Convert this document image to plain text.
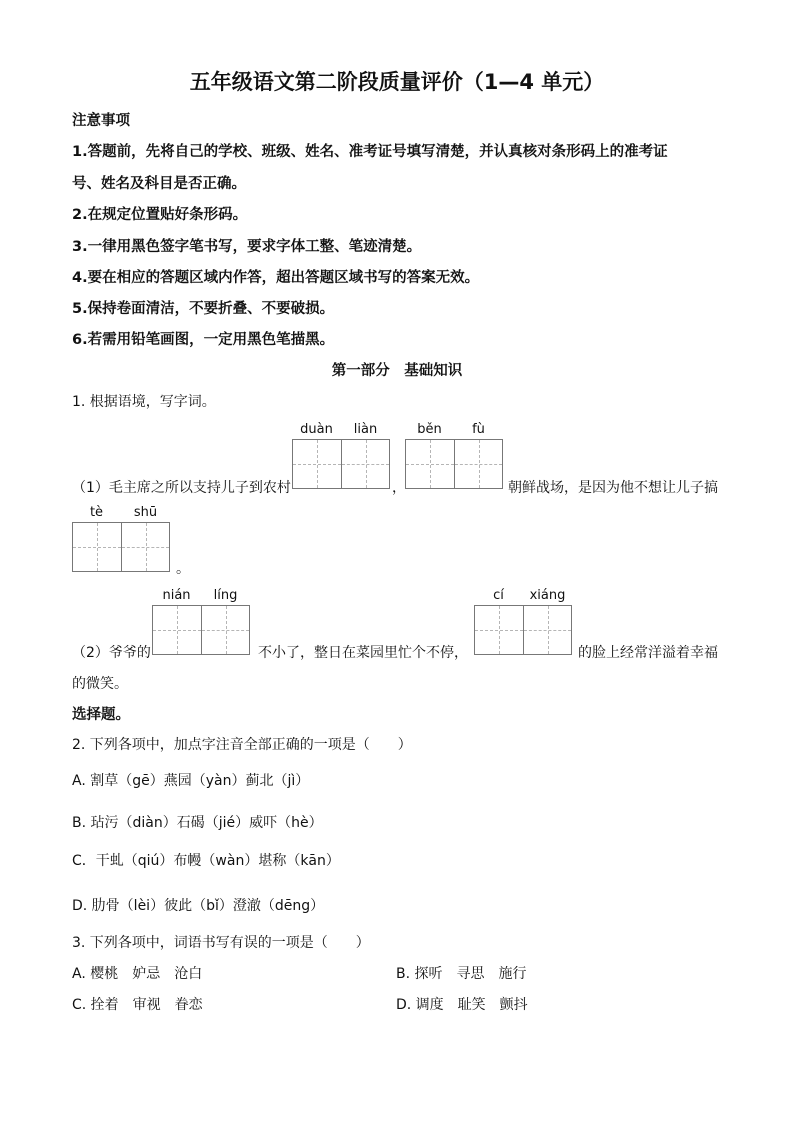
五年级语文第二阶段质量评价（1—4 单元）
注意事项
1.答题前，先将自己的学校、班级、姓名、准考证号填写清楚，并认真核对条形码上的准考证
号、姓名及科目是否正确。
2.在规定位置贴好条形码。
3.一律用黑色签字笔书写，要求字体工整、笔迹清楚。
4.要在相应的答题区域内作答，超出答题区域书写的答案无效。
5.保持卷面清洁，不要折叠、不要破损。
6.若需用铅笔画图，一定用黑色笔描黑。
第一部分　基础知识
1. 根据语境，写字词。
duàn	liàn	běn	fù
（1）毛主席之所以支持儿子到农村	，	朝鲜战场，是因为他不想让儿子搞
tè	shū
。
nián	líng	cí	xiáng
（2）爷爷的	不小了，整日在菜园里忙个不停，	的脸上经常洋溢着幸福
的微笑。
选择题。
2. 下列各项中，加点字注音全部正确的一项是（　　）
A. 割草（gē）燕园（yàn）蓟北（jì）
B. 玷污（diàn）石碣（jié）威吓（hè）
C．干虬（qiú）布幔（wàn）堪称（kān）
D. 肋骨（lèi）彼此（bǐ）澄澈（dēng）
3. 下列各项中，词语书写有误的一项是（　　）
A. 樱桃　妒忌　沧白	B. 探听　寻思　施行
C. 拴着　审视　眷恋	D. 调度　耻笑　颤抖
